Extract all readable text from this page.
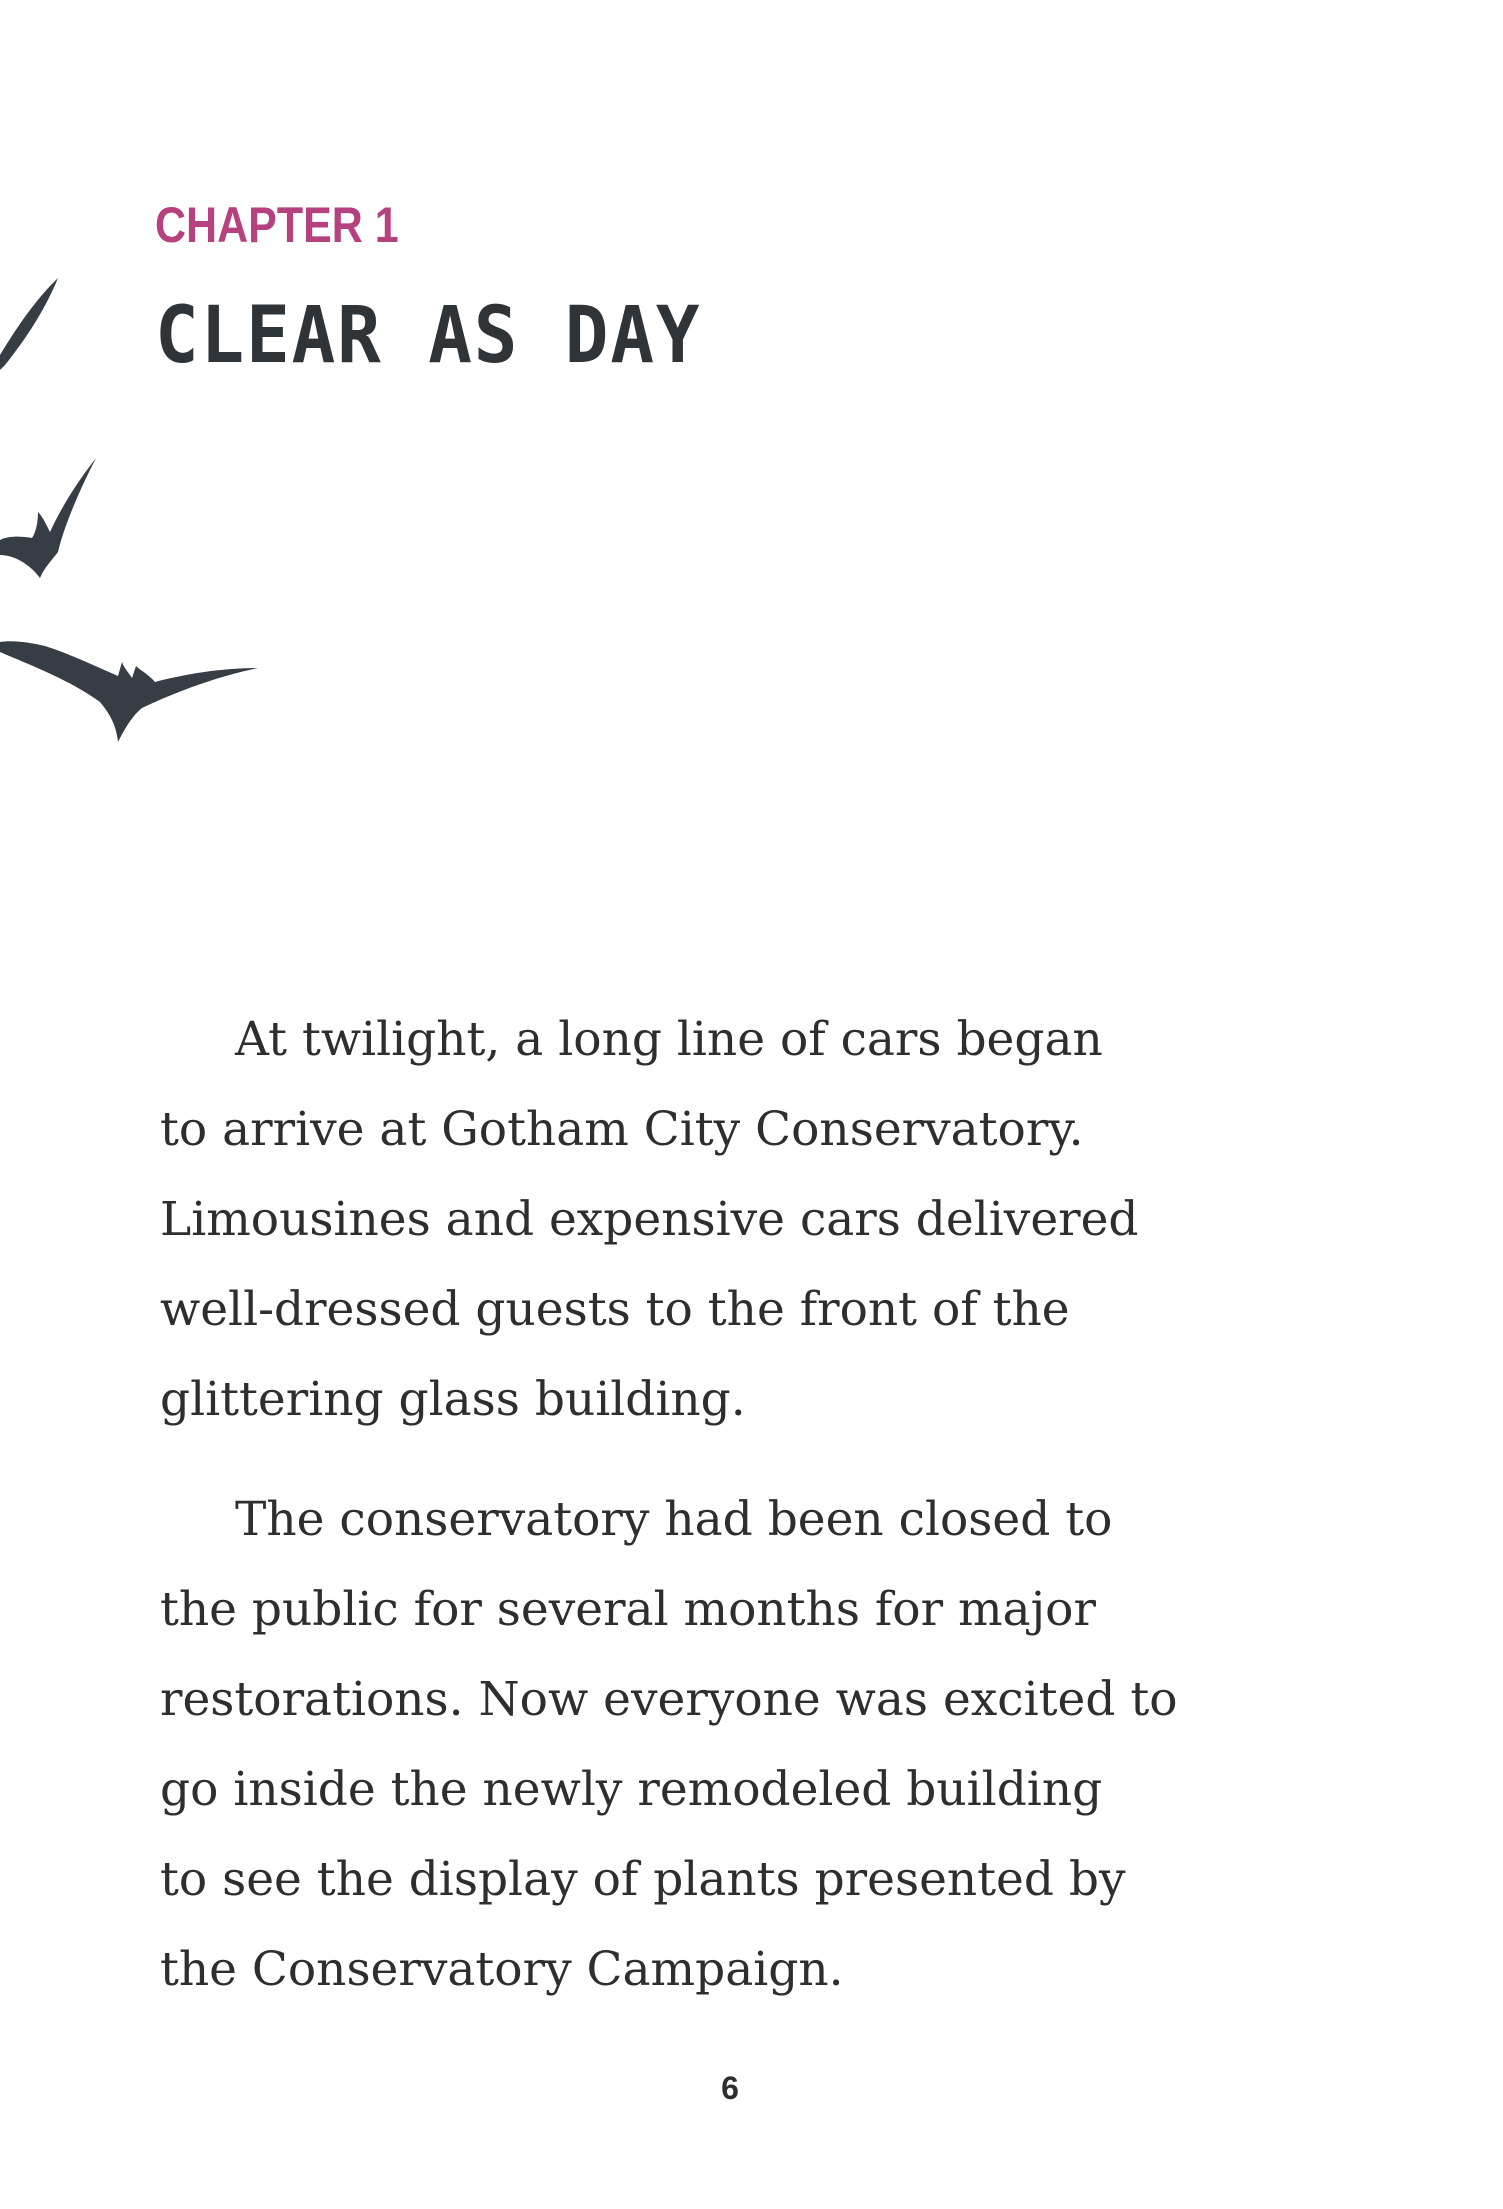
CHAPTER 1
CLEAR AS DAY

At twilight, a long line of cars began
to arrive at Gotham City Conservatory.
Limousines and expensive cars delivered
well-dressed guests to the front of the
glittering glass building.

The conservatory had been closed to
the public for several months for major
restorations. Now everyone was excited to
go inside the newly remodeled building
to see the display of plants presented by
the Conservatory Campaign.

6
